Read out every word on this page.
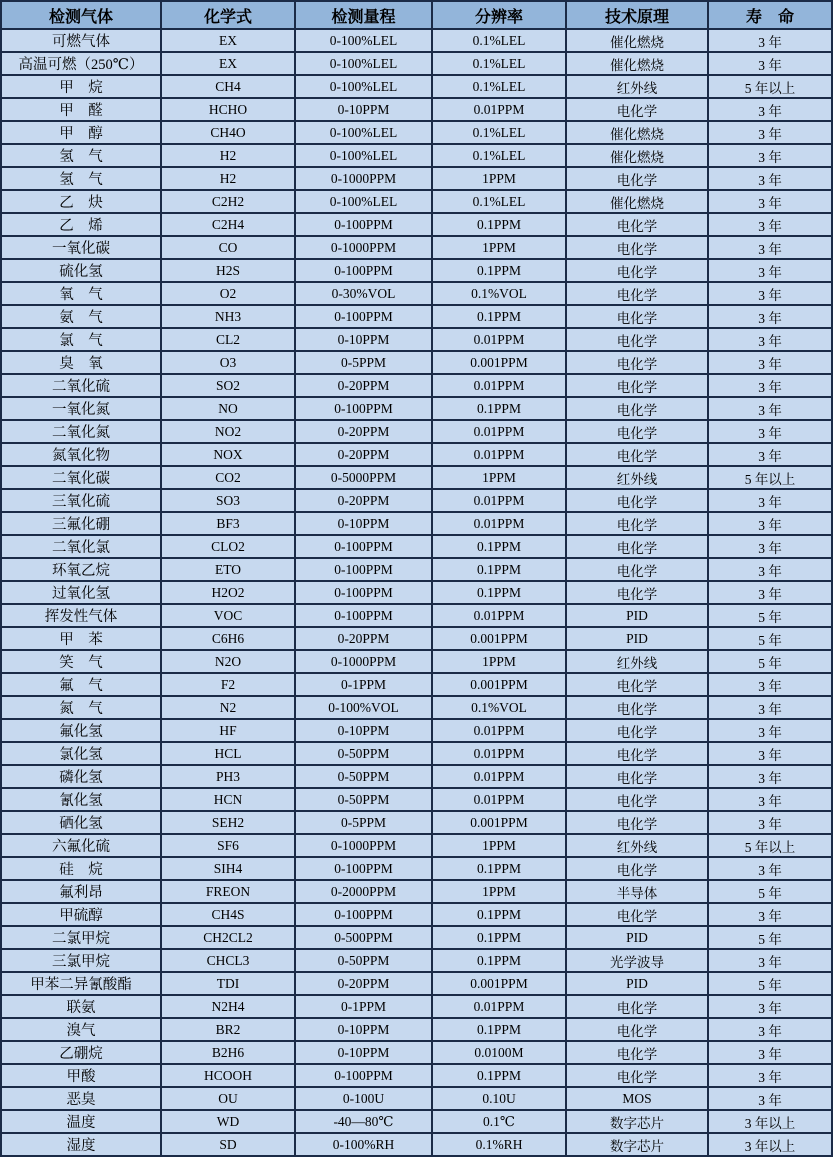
检测气体	化学式	检测量程	分辨率	技术原理	寿　命
可燃气体	EX	0-100%LEL	0.1%LEL	催化燃烧	3 年
高温可燃（250℃）	EX	0-100%LEL	0.1%LEL	催化燃烧	3 年
甲　烷	CH4	0-100%LEL	0.1%LEL	红外线	5 年以上
甲　醛	HCHO	0-10PPM	0.01PPM	电化学	3 年
甲　醇	CH4O	0-100%LEL	0.1%LEL	催化燃烧	3 年
氢　气	H2	0-100%LEL	0.1%LEL	催化燃烧	3 年
氢　气	H2	0-1000PPM	1PPM	电化学	3 年
乙　炔	C2H2	0-100%LEL	0.1%LEL	催化燃烧	3 年
乙　烯	C2H4	0-100PPM	0.1PPM	电化学	3 年
一氧化碳	CO	0-1000PPM	1PPM	电化学	3 年
硫化氢	H2S	0-100PPM	0.1PPM	电化学	3 年
氧　气	O2	0-30%VOL	0.1%VOL	电化学	3 年
氨　气	NH3	0-100PPM	0.1PPM	电化学	3 年
氯　气	CL2	0-10PPM	0.01PPM	电化学	3 年
臭　氧	O3	0-5PPM	0.001PPM	电化学	3 年
二氧化硫	SO2	0-20PPM	0.01PPM	电化学	3 年
一氧化氮	NO	0-100PPM	0.1PPM	电化学	3 年
二氧化氮	NO2	0-20PPM	0.01PPM	电化学	3 年
氮氧化物	NOX	0-20PPM	0.01PPM	电化学	3 年
二氧化碳	CO2	0-5000PPM	1PPM	红外线	5 年以上
三氧化硫	SO3	0-20PPM	0.01PPM	电化学	3 年
三氟化硼	BF3	0-10PPM	0.01PPM	电化学	3 年
二氧化氯	CLO2	0-100PPM	0.1PPM	电化学	3 年
环氧乙烷	ETO	0-100PPM	0.1PPM	电化学	3 年
过氧化氢	H2O2	0-100PPM	0.1PPM	电化学	3 年
挥发性气体	VOC	0-100PPM	0.01PPM	PID	5 年
甲　苯	C6H6	0-20PPM	0.001PPM	PID	5 年
笑　气	N2O	0-1000PPM	1PPM	红外线	5 年
氟　气	F2	0-1PPM	0.001PPM	电化学	3 年
氮　气	N2	0-100%VOL	0.1%VOL	电化学	3 年
氟化氢	HF	0-10PPM	0.01PPM	电化学	3 年
氯化氢	HCL	0-50PPM	0.01PPM	电化学	3 年
磷化氢	PH3	0-50PPM	0.01PPM	电化学	3 年
氰化氢	HCN	0-50PPM	0.01PPM	电化学	3 年
硒化氢	SEH2	0-5PPM	0.001PPM	电化学	3 年
六氟化硫	SF6	0-1000PPM	1PPM	红外线	5 年以上
硅　烷	SIH4	0-100PPM	0.1PPM	电化学	3 年
氟利昂	FREON	0-2000PPM	1PPM	半导体	5 年
甲硫醇	CH4S	0-100PPM	0.1PPM	电化学	3 年
二氯甲烷	CH2CL2	0-500PPM	0.1PPM	PID	5 年
三氯甲烷	CHCL3	0-50PPM	0.1PPM	光学波导	3 年
甲苯二异氰酸酯	TDI	0-20PPM	0.001PPM	PID	5 年
联氨	N2H4	0-1PPM	0.01PPM	电化学	3 年
溴气	BR2	0-10PPM	0.1PPM	电化学	3 年
乙硼烷	B2H6	0-10PPM	0.0100M	电化学	3 年
甲酸	HCOOH	0-100PPM	0.1PPM	电化学	3 年
恶臭	OU	0-100U	0.10U	MOS	3 年
温度	WD	-40—80℃	0.1℃	数字芯片	3 年以上
湿度	SD	0-100%RH	0.1%RH	数字芯片	3 年以上
